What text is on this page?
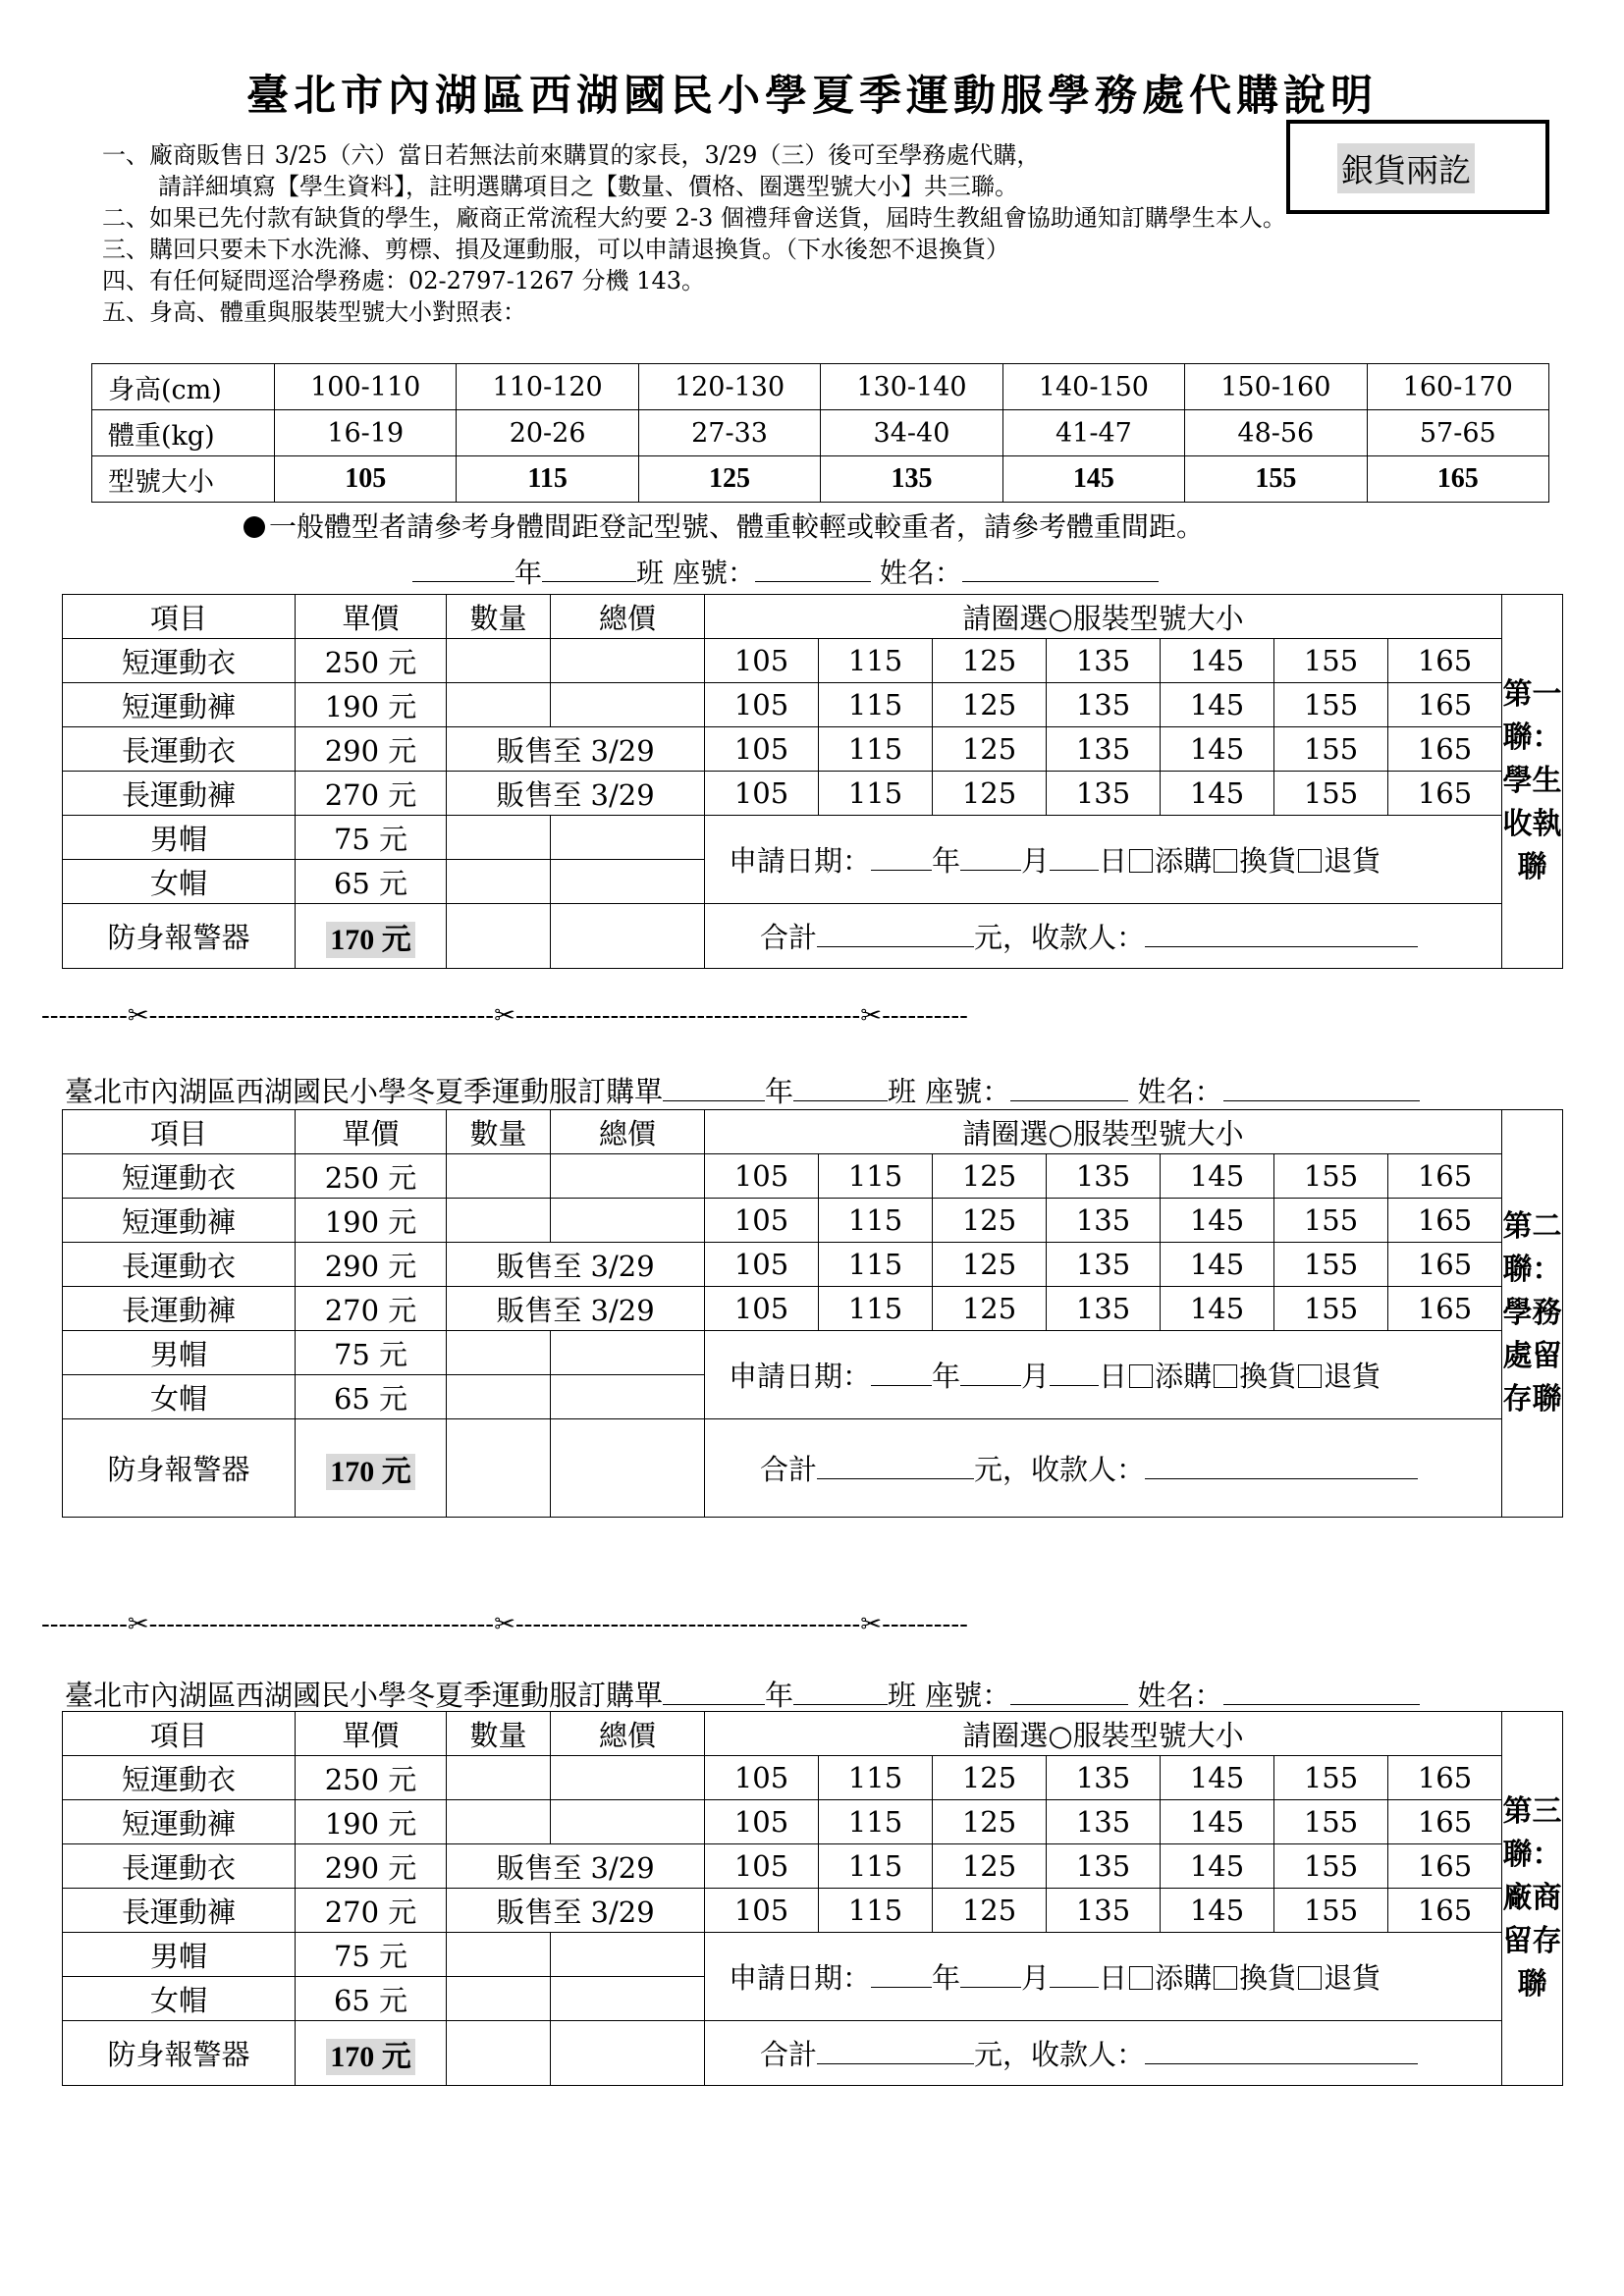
臺北市內湖區西湖國民小學夏季運動服學務處代購說明
銀貨兩訖
一、廠商販售日 3/25（六）當日若無法前來購買的家長，3/29（三）後可至學務處代購，
請詳細填寫【學生資料】，註明選購項目之【數量、價格、圈選型號大小】共三聯。
二、如果已先付款有缺貨的學生，廠商正常流程大約要 2-3 個禮拜會送貨，屆時生教組會協助通知訂購學生本人。
三、購回只要未下水洗滌、剪標、損及運動服，可以申請退換貨。（下水後恕不退換貨）
四、有任何疑問逕洽學務處：02-2797-1267 分機 143。
五、身高、體重與服裝型號大小對照表：
身高(cm)	100-110	110-120	120-130	130-140	140-150	150-160	160-170
體重(kg)	16-19	20-26	27-33	34-40	41-47	48-56	57-65
型號大小	105	115	125	135	145	155	165
一般體型者請參考身體間距登記型號、體重較輕或較重者，請參考體重間距。
年	班 座號：	姓名：
項目	單價	數量	總價	請圈選○服裝型號大小							第一聯：學生收執聯
短運動衣	250 元			105	115	125	135	145	155	165	
短運動褲	190 元			105	115	125	135	145	155	165	
長運動衣	290 元	販售至 3/29		105	115	125	135	145	155	165	
長運動褲	270 元	販售至 3/29		105	115	125	135	145	155	165	
男帽	75 元			申請日期： 年 月 日 添購 換貨 退貨							
女帽	65 元										
防身報警器	170 元			合計 元，收款人：							
項目	單價	數量	總價	請圈選○服裝型號大小							第二聯：學務處留存聯
短運動衣	250 元			105	115	125	135	145	155	165	
短運動褲	190 元			105	115	125	135	145	155	165	
長運動衣	290 元	販售至 3/29		105	115	125	135	145	155	165	
長運動褲	270 元	販售至 3/29		105	115	125	135	145	155	165	
男帽	75 元			申請日期： 年 月 日 添購 換貨 退貨							
女帽	65 元										
防身報警器	170 元			合計 元，收款人：							
項目	單價	數量	總價	請圈選○服裝型號大小							第三聯：廠商留存聯
短運動衣	250 元			105	115	125	135	145	155	165	
短運動褲	190 元			105	115	125	135	145	155	165	
長運動衣	290 元	販售至 3/29		105	115	125	135	145	155	165	
長運動褲	270 元	販售至 3/29		105	115	125	135	145	155	165	
男帽	75 元			申請日期： 年 月 日 添購 換貨 退貨							
女帽	65 元										
防身報警器	170 元			合計 元，收款人：							
----------✂----------------------------------------✂----------------------------------------✂----------
----------✂----------------------------------------✂----------------------------------------✂----------
臺北市內湖區西湖國民小學冬夏季運動服訂購單	年	班 座號：	姓名：
臺北市內湖區西湖國民小學冬夏季運動服訂購單	年	班 座號：	姓名：
